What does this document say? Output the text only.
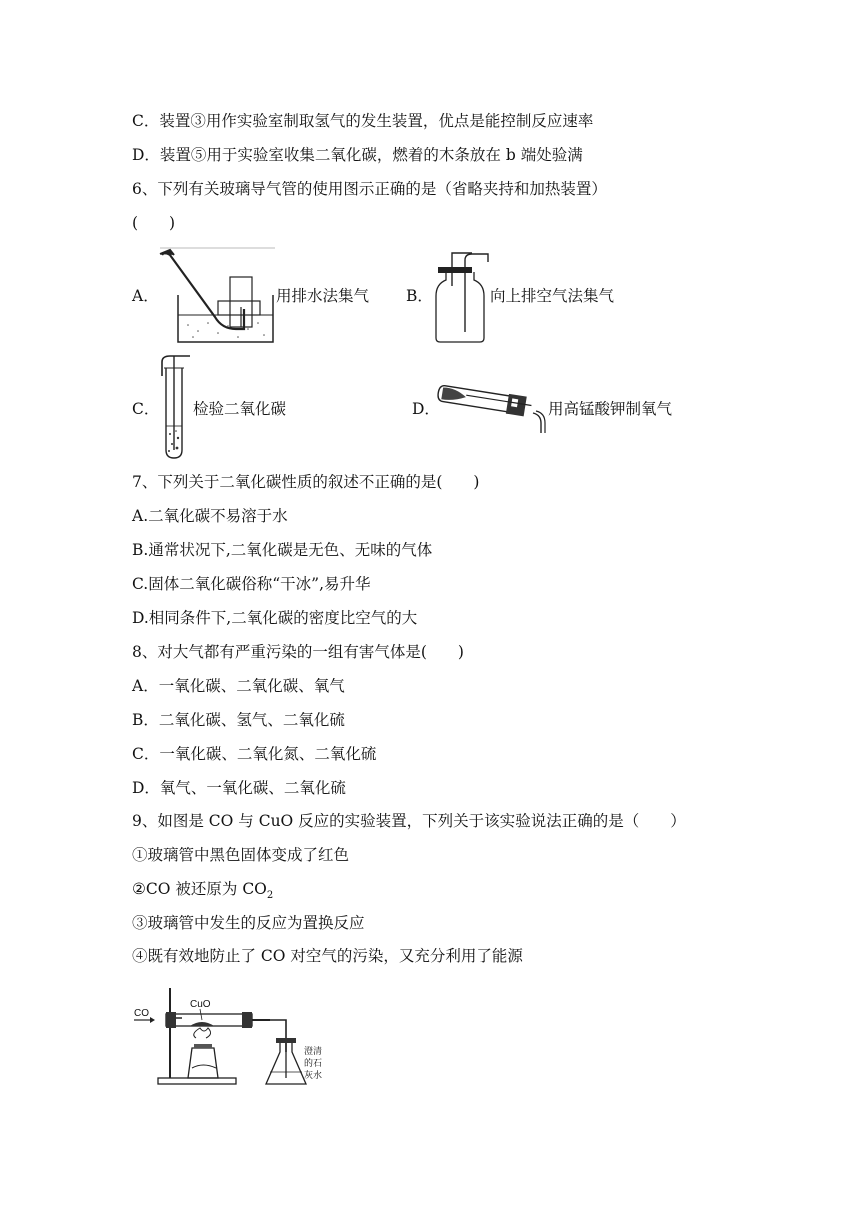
C．装置③用作实验室制取氢气的发生装置，优点是能控制反应速率
D．装置⑤用于实验室收集二氧化碳，燃着的木条放在 b 端处验满
6、下列有关玻璃导气管的使用图示正确的是（省略夹持和加热装置）
(　　)
A．	用排水法集气 B．	向上排空气法集气
C． 检验二氧化碳	D．	用高锰酸钾制氧气
7、下列关于二氧化碳性质的叙述不正确的是(　　)
A.二氧化碳不易溶于水
B.通常状况下,二氧化碳是无色、无味的气体
C.固体二氧化碳俗称“干冰”,易升华
D.相同条件下,二氧化碳的密度比空气的大
8、对大气都有严重污染的一组有害气体是(　　)
A．一氧化碳、二氧化碳、氧气
B．二氧化碳、氢气、二氧化硫
C．一氧化碳、二氧化氮、二氧化硫
D．氧气、一氧化碳、二氧化硫
9、如图是 CO 与 CuO 反应的实验装置，下列关于该实验说法正确的是（　　）
①玻璃管中黑色固体变成了红色
②CO 被还原为 $CO_2$
③玻璃管中发生的反应为置换反应
④既有效地防止了 CO 对空气的污染，又充分利用了能源
CO
CuO
澄清
的石
灰水
